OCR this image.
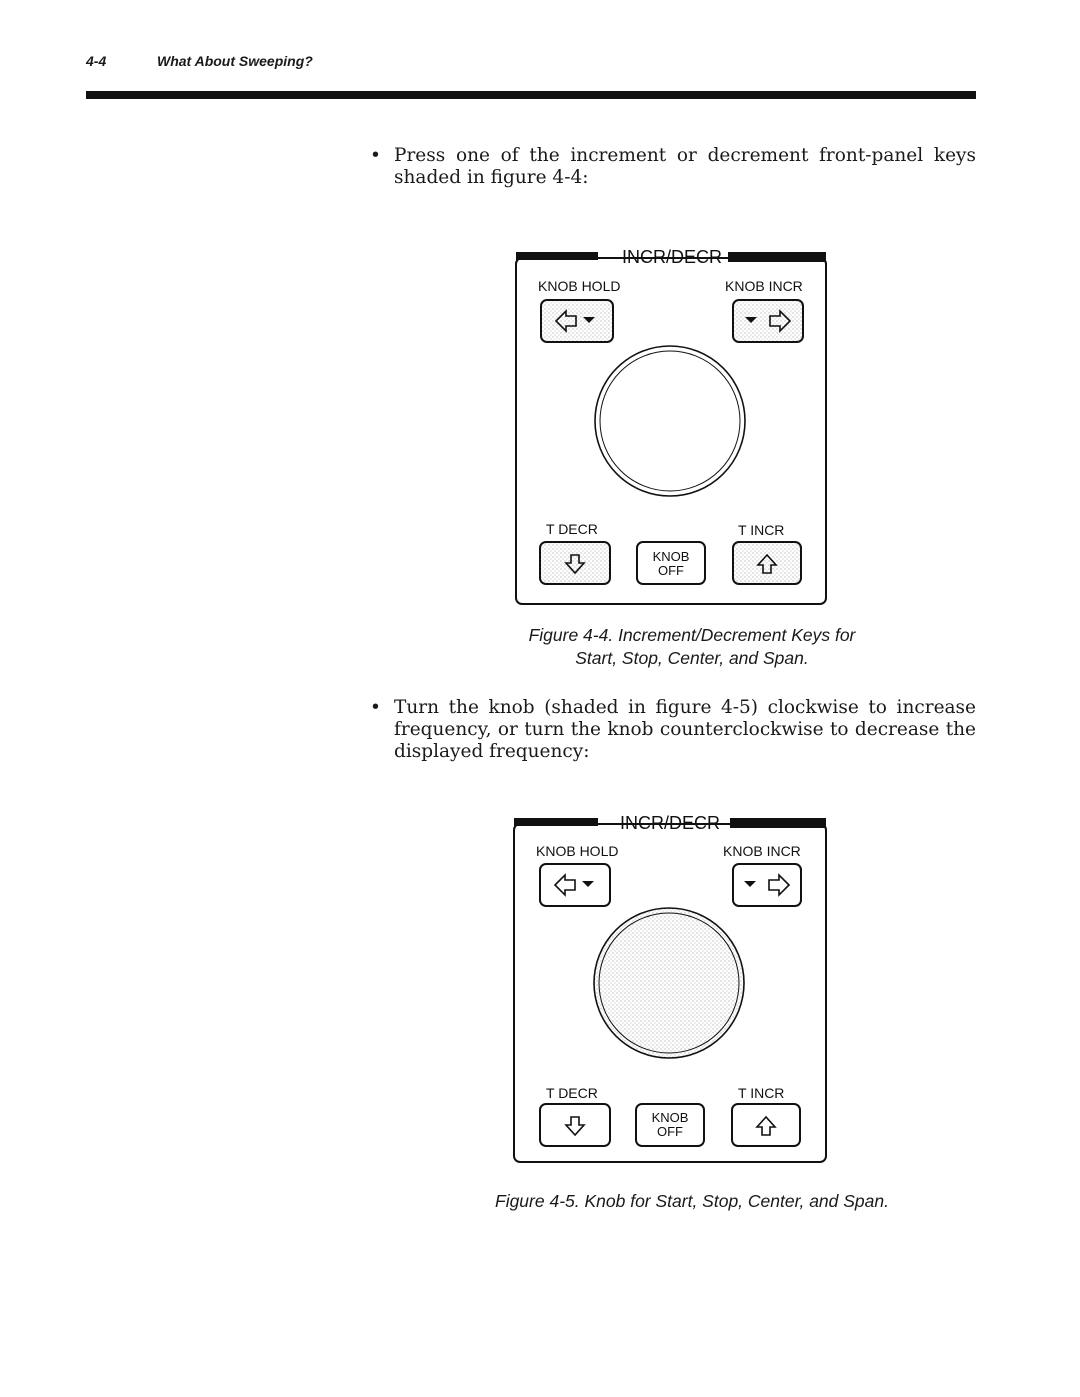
4-4	What About Sweeping?
• Press one of the increment or decrement front-panel keys shaded in figure 4-4:
INCR/DECR
KNOB HOLD	KNOB INCR
T DECR	T INCR
KNOB
OFF
Figure 4-4. Increment/Decrement Keys for
Start, Stop, Center, and Span.
• Turn the knob (shaded in figure 4-5) clockwise to increase frequency, or turn the knob counterclockwise to decrease the displayed frequency:
INCR/DECR
KNOB HOLD	KNOB INCR
T DECR	T INCR
KNOB
OFF
Figure 4-5. Knob for Start, Stop, Center, and Span.
